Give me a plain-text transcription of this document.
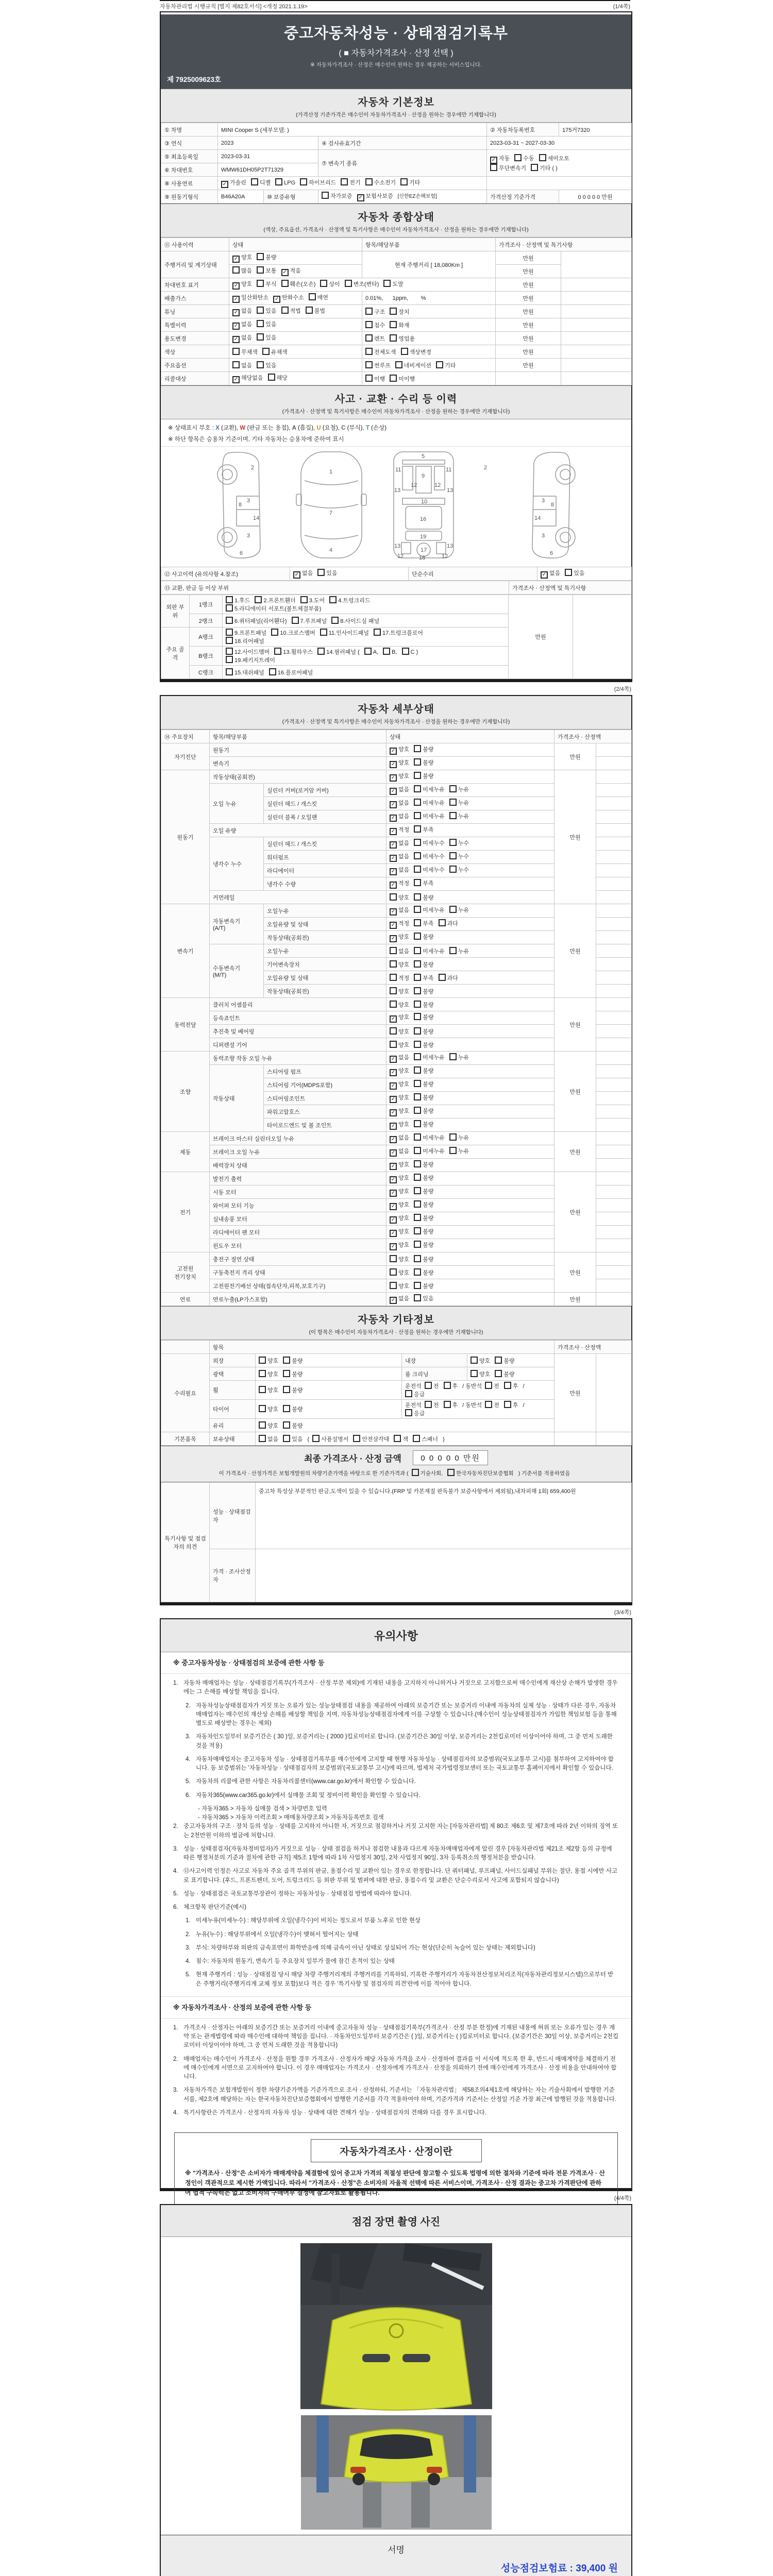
자동차관리법 시행규칙 [별지 제82호서식] <개정 2021.1.19>	(1/4쪽)
중고자동차성능 · 상태점검기록부
( ■ 자동차가격조사 · 산정 선택 )
※ 자동차가격조사 · 산정은 매수인이 원하는 경우 제공하는 서비스입니다.
제 7925009623호
자동차 기본정보
(가격산정 기준가격은 매수인이 자동차가격조사 · 산정을 원하는 경우에만 기재합니다)
① 차명	MINI Cooper S (세부모델: )			② 자동차등록번호	175거7320
③ 연식	2023		④ 검사유효기간	2023-03-31 ~ 2027-03-30	
⑤ 최초등록일	2023-03-31		⑦ 변속기 종류	✓ 자동 수동 세미오토
무단변속기 기타 ( )	
⑥ 차대번호	WMW61DH05P2T71329				
⑧ 사용연료	✓ 가솔린 디젤 LPG 하이브리드 전기 수소전기 기타				
⑨ 원동기형식	B46A20A	⑩ 보증유형	자가보증 ✓ 보험사보증 [신한EZ손해보험]	가격산정 기준가격	0 0 0 0 0 만원
자동차 종합상태
(색상, 주요옵션, 가격조사 · 산정액 및 특기사항은 매수인이 자동차가격조사 · 산정을 원하는 경우에만 기재합니다)
⑪ 사용이력	상태	항목/해당부품	가격조사 · 산정액 및 특기사항	
주행거리 및 계기상태	✓ 양호 불량	현재 주행거리 [ 18,080Km ]	만원	
	많음 보통 ✓ 적음		만원	
차대번호 표기	✓ 양호 부식 훼손(오손) 상이 변조(변타) 도말		만원	
배출가스	✓ 일산화탄소 ✓ 탄화수소 매연	0.01%,      1ppm,        %	만원	
튜닝	✓ 없음 있음 적법 불법	구조 장치	만원	
특별이력	✓ 없음 있음	침수 화재	만원	
용도변경	✓ 없음 있음	렌트 영업용	만원	
색상	무채색 유채색	전체도색 색상변경	만원	
주요옵션	없음 있음	썬루프 네비게이션 기타	만원	
리콜대상	✓ 해당없음 해당	이행 미이행		
사고 · 교환 · 수리 등 이력
(가격조사 · 산정액 및 특기사항은 매수인이 자동차가격조사 · 산정을 원하는 경우에만 기재합니다)
※ 상태표시 부호 : X (교환), W (판금 또는 용접), A (흠집), U (요철), C (부식), T (손상)
※ 하단 항목은 승용차 기준이며, 기타 자동차는 승용차에 준하여 표시
2
8
3
14
3
6
1
7
4
5
11	11
9
13	13
12	12
10
16
19
13	13
12	12
17
18
2
8
3
14
3
6
⑫ 사고이력 (유의사항 4.참조)	✓ 없음 있음	단순수리	✓ 없음 있음
⑬ 교환, 판금 등 이상 부위	가격조사 · 산정액 및 특기사항
외판 부위	1랭크	1.후드 2.프론트휀더 3.도어 4.트렁크리드
5.라디에이터 서포트(볼트체결부품)	만원	
	2랭크	6.쿼터패널(리어휀다) 7.루프패널 8.사이드실 패널		

주요 골격	A랭크	9.프론트패널 10.크로스멤버 11.인사이드패널 17.트렁크플로어
18.리어패널		

	B랭크	12.사이드멤버 13.휠하우스 14.필러패널 ( A, B, C )
19.패키지트레이		

	C랭크	15.대쉬패널 16.플로어패널		
(2/4쪽)
자동차 세부상태
(가격조사 · 산정액 및 특기사항은 매수인이 자동차가격조사 · 산정을 원하는 경우에만 기재합니다)
⑭ 주요장치	항목/해당부품		상태	가격조사 · 산정액	
자기진단	원동기		✓ 양호 불량	만원	
	변속기		✓ 양호 불량		
원동기	작동상태(공회전)		✓ 양호 불량	만원	
	오일 누유	실린더 커버(로커암 커버)	✓ 없음 미세누유 누유		
		실린더 헤드 / 개스킷	✓ 없음 미세누유 누유		
		실린더 블록 / 오일팬	✓ 없음 미세누유 누유		
	오일 유량		✓ 적정 부족		
	냉각수 누수	실린더 헤드 / 개스킷	✓ 없음 미세누수 누수		
		워터펌프	✓ 없음 미세누수 누수		
		라디에이터	✓ 없음 미세누수 누수		
		냉각수 수량	✓ 적정 부족		
	커먼레일		양호 불량		
변속기	자동변속기
(A/T)	오일누유	✓ 없음 미세누유 누유	만원	
		오일유량 및 상태	✓ 적정 부족 과다		
		작동상태(공회전)	✓ 양호 불량		
	수동변속기
(M/T)	오일누유	없음 미세누유 누유		
		기어변속장치	양호 불량		
		오일유량 및 상태	적정 부족 과다		
		작동상태(공회전)	양호 불량		
동력전달	클러치 어셈블리		양호 불량	만원	
	등속죠인트		✓ 양호 불량		
	추진축 및 베어링		양호 불량		
	디퍼렌셜 기어		양호 불량		
조향	동력조향 작동 오일 누유		✓ 없음 미세누유 누유	만원	
	작동상태	스티어링 펌프	✓ 양호 불량		
		스티어링 기어(MDPS포함)	✓ 양호 불량		
		스티어링조인트	✓ 양호 불량		
		파워고압호스	✓ 양호 불량		
		타이로드엔드 및 볼 조인트	✓ 양호 불량		
제동	브레이크 마스터 실린더오일 누유		✓ 없음 미세누유 누유	만원	
	브레이크 오일 누유		✓ 없음 미세누유 누유		
	배력장치 상태		✓ 양호 불량		
전기	발전기 출력		✓ 양호 불량	만원	
	시동 모터		✓ 양호 불량		
	와이퍼 모터 기능		✓ 양호 불량		
	실내송풍 모터		✓ 양호 불량		
	라디에이터 팬 모터		✓ 양호 불량		
	윈도우 모터		✓ 양호 불량		
고전원
전기장치	충전구 절연 상태		양호 불량	만원	
	구동축전지 격리 상태		양호 불량		
	고전원전기배선 상태(접속단자,피복,보호기구)		양호 불량		
연료	연료누출(LP가스포함)		✓ 없음 있음	만원	
자동차 기타정보
(이 항목은 매수인이 자동차가격조사 · 산정을 원하는 경우에만 기재합니다)
	항목				가격조사 · 산정액	
수리필요	외장	양호 불량	내장	양호 불량	만원	
	광택	양호 불량	룸 크리닝	양호 불량		
	휠	양호 불량	운전석 전 후 / 동반석 전 후 /응급			
	타이어	양호 불량	운전석 전 후 / 동반석 전 후 /응급			
	유리	양호 불량				
기본품목	보유상태	없음 있음 ( 사용설명서 안전삼각대 잭 스패너 )				
최종 가격조사 · 산정 금액 0 0 0 0 0 만원
이 가격조사 · 산정가격은 보험개발원의 차량기준가액을 바탕으로 한 기준가격과 ( 기술사회, 한국자동차진단보증협회 ) 기준서를 적용하였음
특기사항 및 점검자의 의견	성능 · 상태점검자	중고차 특성상 부분적인 판금,도색이 있을 수 있습니다.(FRP 및 카본재질 판독불가 보증사항에서 제외됨),내차피해 1회| 659,400원
	가격 · 조사산정자	
(3/4쪽)
유의사항
※ 중고자동차성능 · 상태점검의 보증에 관한 사항 등
1. 자동차 매매업자는 성능 · 상태점검기록부(가격조사 · 산정 부분 제외)에 기재된 내용을 고지하지 아니하거나 거짓으로 고지함으로써 매수인에게 재산상 손해가 발생한 경우에는 그 손해를 배상할 책임을 집니다.
2. 자동차성능상태점검자가 거짓 또는 오류가 있는 성능상태점검 내용을 제공하여 아래의 보증기간 또는 보증거리 이내에 자동차의 실제 성능 · 상태가 다른 경우, 자동차매매업자는 매수인의 재산상 손해를 배상할 책임을 지며, 자동차성능상태점검자에게 이를 구상할 수 있습니다.(매수인이 성능상태점검자가 가입한 책임보험 등을 통해 별도로 배상받는 경우는 제외)
3. 자동차인도일부터 보증기간은 ( 30 )일, 보증거리는 ( 2000 )킬로미터로 합니다. (보증기간은 30일 이상, 보증거리는 2천킬로미터 이상이어야 하며, 그 중 먼저 도래한 것을 적용)
4. 자동차매매업자는 중고자동차 성능 · 상태점검기록부를 매수인에게 고지할 때 현행 자동차성능 · 상태점검자의 보증범위(국토교통부 고시)를 첨부하여 고지하여야 합니다. 동 보증범위는 '자동차성능 · 상태점검자의 보증범위'(국토교통부 고시)에 따르며, 법제처 국가법령정보센터 또는 국토교통부 홈페이지에서 확인할 수 있습니다.
5. 자동차의 리콜에 관한 사항은 자동차리콜센터(www.car.go.kr)에서 확인할 수 있습니다.
6. 자동차365(www.car365.go.kr)에서 실매물 조회 및 정비이력 확인을 확인할 수 있습니다.
- 자동차365 > 자동차 실매물 검색 > 차량번호 입력
- 자동차365 > 자동차 이력조회 > 매매용차량조회 > 자동차등록번호 검색
2. 중고자동차의 구조 · 장치 등의 성능 · 상태를 고지하지 아니한 자, 거짓으로 점검하거나 거짓 고지한 자는 [자동차관리법] 제 80조 제6호 및 제7호에 따라 2년 이하의 징역 또는 2천만원 이하의 벌금에 처합니다.
3. 성능 · 상태점검자(자동차정비업자)가 거짓으로 성능 · 상태 점검을 하거나 점검한 내용과 다르게 자동차매매업자에게 알린 경우 [자동차관리법 제21조 제2항 등의 규정에 따른 행정처분의 기준과 절차에 관한 규칙] 제5조 1항에 따라 1차 사업정지 30일, 2차 사업정지 90일, 3차 등록취소의 행정처분을 받습니다.
4. ⑫사고이력 인정은 사고로 자동차 주요 골격 부위의 판금, 용접수리 및 교환이 있는 경우로 한정합니다. 단 쿼터패널, 루프패널, 사이드실패널 부위는 절단, 용접 시에만 사고로 표기합니다. (후드, 프론트펜더, 도어, 트렁크리드 등 외판 부위 및 범퍼에 대한 판금, 용접수리 및 교환은 단순수리로서 사고에 포함되지 않습니다)
5. 성능 · 상태점검은 국토교통부장관이 정하는 자동차성능 · 상태점검 방법에 따라야 합니다.
6. 체크항목 판단기준(예시)
1. 미세누유(미세누수) : 해당부위에 오일(냉각수)이 비치는 정도로서 부품 노후로 인한 현상
2. 누유(누수) : 해당부위에서 오일(냉각수)이 맺혀서 떨어지는 상태
3. 부식: 차량하부와 외판의 금속표면이 화학반응에 의해 금속이 아닌 상태로 상실되어 가는 현상(단순히 녹슬어 있는 상태는 제외합니다)
4. 침수: 자동차의 원동기, 변속기 등 주요장치 일부가 물에 잠긴 흔적이 있는 상태
5. 현재 주행거리 : 성능 · 상태점검 당시 해당 차량 주행거리계의 주행거리를 기록하되, 기록한 주행거리가 자동차전산정보처리조직(자동차관리정보시스템)으로부터 받은 주행거리(주행거리계 교체 정보 포함)보다 적은 경우 '특기사항 및 점검자의 의견'란에 이를 적어야 합니다.
※ 자동차가격조사 · 산정의 보증에 관한 사항 등
1. 가격조사 · 산정자는 아래의 보증기간 또는 보증거리 이내에 중고자동차 성능 · 상태점검기록부(가격조사 · 산정 부분 한정)에 기재된 내용에 허위 또는 오류가 있는 경우 계약 또는 관계법령에 따라 매수인에 대하여 책임을 집니다. · 자동차인도일부터 보증기간은 ( )일, 보증거리는 ( )킬로미터로 합니다. (보증기간은 30일 이상, 보증거리는 2천킬로미터 이상이어야 하며, 그 중 먼저 도래한 것을 적용합니다)
2. 매매업자는 매수인이 가격조사 · 산정을 원할 경우 가격조사 · 산정자가 해당 자동차 가격을 조사 · 산정하여 결과를 이 서식에 적도록 한 후, 반드시 매매계약을 체결하기 전에 매수인에게 서면으로 고지하여야 합니다. 이 경우 매매업자는 가격조사 · 산정자에게 가격조사 · 산정을 의뢰하기 전에 매수인에게 가격조사 · 산정 비용을 안내하여야 합니다.
3. 자동차가격은 보험개발원이 정한 차량기준가액을 기준가격으로 조사 · 산정하되, 기준서는 「자동차관리법」 제58조의4제1호에 해당하는 자는 기술사회에서 발행한 기준서를, 제2호에 해당하는 자는 한국자동차진단보증협회에서 발행한 기준서를 각각 적용하여야 하며, 기준가격과 기준서는 산정일 기준 가장 최근에 발행된 것을 적용합니다.
4. 특기사항란은 가격조사 · 산정자의 자동차 성능 · 상태에 대한 견해가 성능 · 상태점검자의 견해와 다를 경우 표시합니다.
자동차가격조사 · 산정이란
※ "가격조사 · 산정"은 소비자가 매매계약을 체결함에 있어 중고차 가격의 적절성 판단에 참고할 수 있도록 법령에 의한 절차와 기준에 따라 전문 가격조사 · 산정인이 객관적으로 제시한 가액입니다. 따라서 "가격조사 · 산정"은 소비자의 자율적 선택에 따른 서비스이며, 가격조사 · 산정 결과는 중고차 가격판단에 관하여 법적 구속력은 없고 소비자의 구매여부 결정에 참고자료로 활용됩니다.
(4/4쪽)
점검 장면 촬영 사진
서명
성능점검보험료 : 39,400 원
